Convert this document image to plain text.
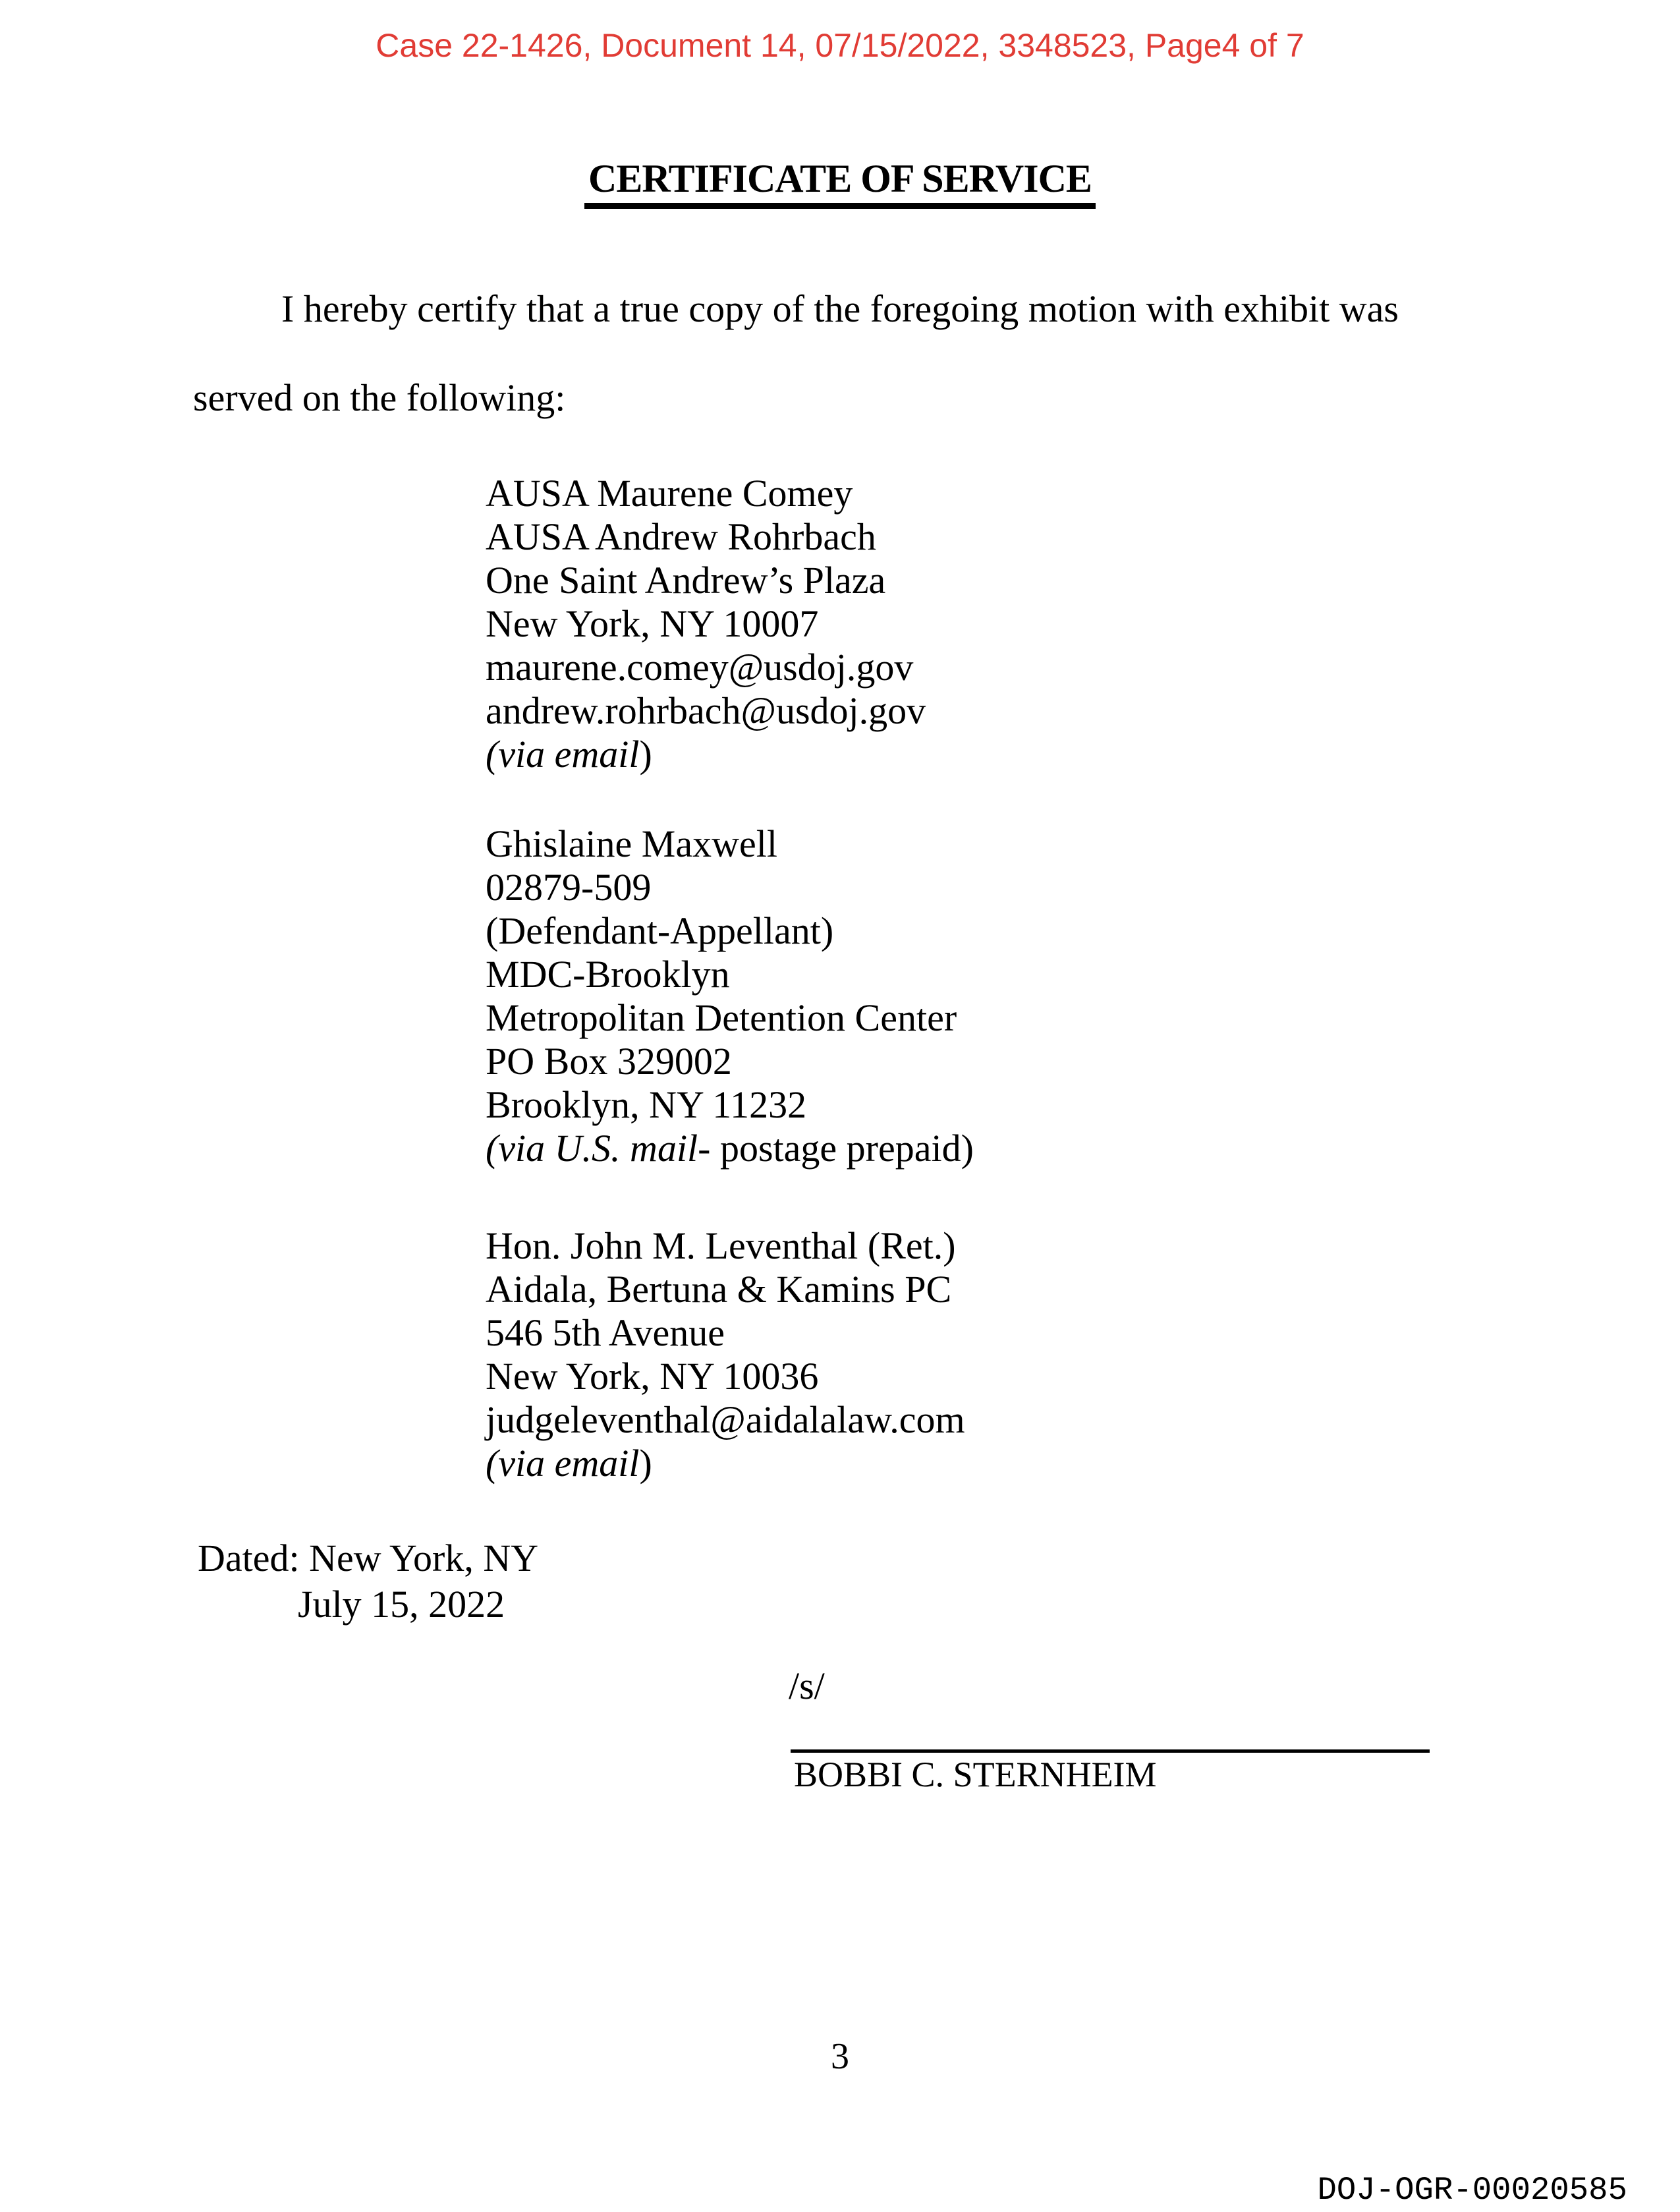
Case 22-1426, Document 14, 07/15/2022, 3348523, Page4 of 7
CERTIFICATE OF SERVICE
I hereby certify that a true copy of the foregoing motion with exhibit was
served on the following:
AUSA Maurene Comey
AUSA Andrew Rohrbach
One Saint Andrew’s Plaza
New York, NY 10007
maurene.comey@usdoj.gov
andrew.rohrbach@usdoj.gov
(via email)
Ghislaine Maxwell
02879-509
(Defendant-Appellant)
MDC-Brooklyn
Metropolitan Detention Center
PO Box 329002
Brooklyn, NY 11232
(via U.S. mail- postage prepaid)
Hon. John M. Leventhal (Ret.)
Aidala, Bertuna & Kamins PC
546 5th Avenue
New York, NY 10036
judgeleventhal@aidalalaw.com
(via email)
Dated: New York, NY
July 15, 2022
/s/
BOBBI C. STERNHEIM
3
DOJ-OGR-00020585
